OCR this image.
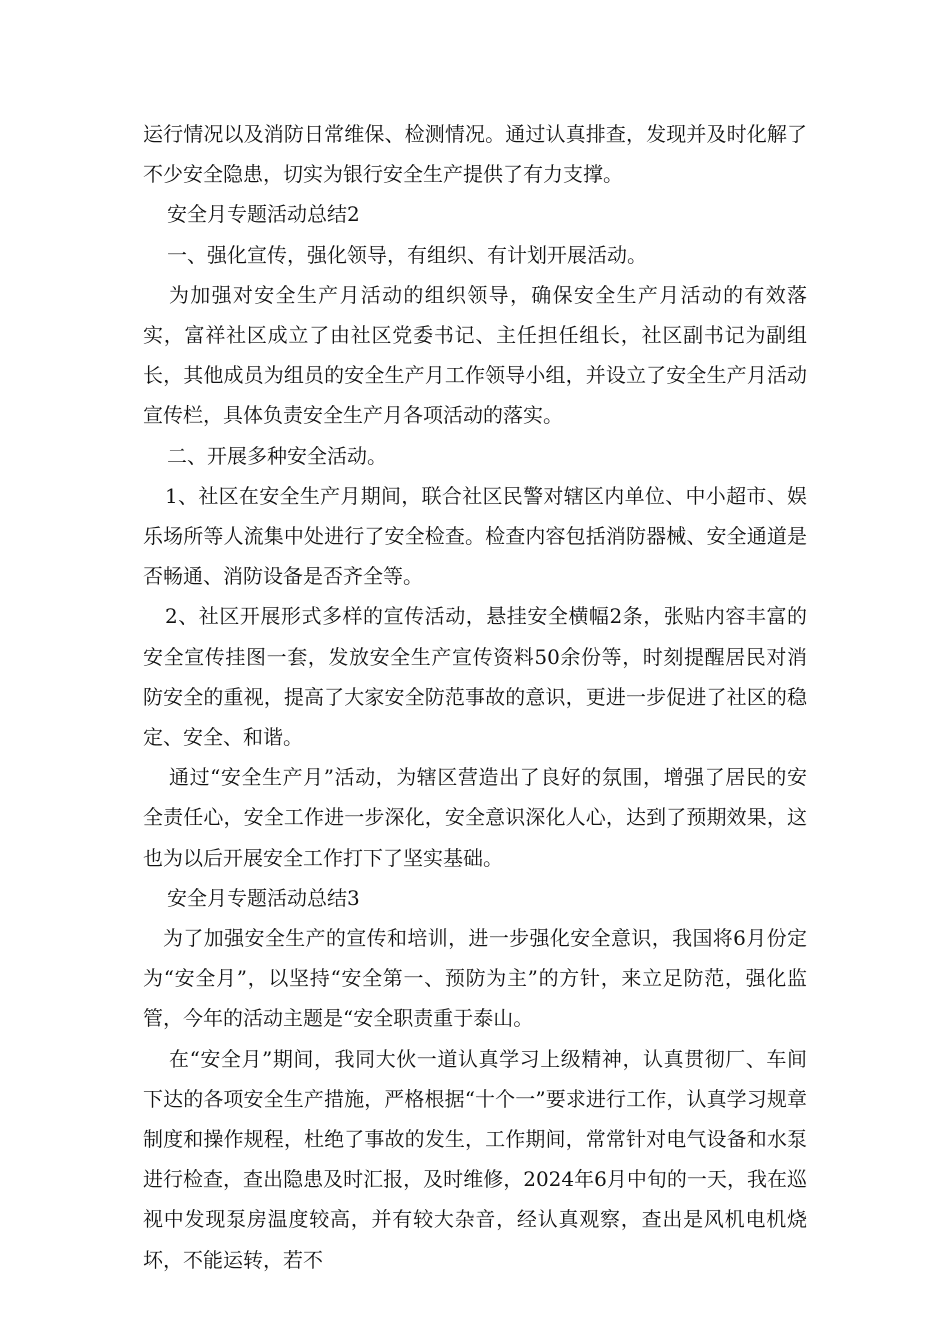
运行情况以及消防日常维保、检测情况。通过认真排查，发现并及时化解了不少安全隐患，切实为银行安全生产提供了有力支撑。

安全月专题活动总结2

一、强化宣传，强化领导，有组织、有计划开展活动。

为加强对安全生产月活动的组织领导，确保安全生产月活动的有效落实，富祥社区成立了由社区党委书记、主任担任组长，社区副书记为副组长，其他成员为组员的安全生产月工作领导小组，并设立了安全生产月活动宣传栏，具体负责安全生产月各项活动的落实。

二、开展多种安全活动。

1、社区在安全生产月期间，联合社区民警对辖区内单位、中小超市、娱乐场所等人流集中处进行了安全检查。检查内容包括消防器械、安全通道是否畅通、消防设备是否齐全等。

2、社区开展形式多样的宣传活动，悬挂安全横幅2条，张贴内容丰富的安全宣传挂图一套，发放安全生产宣传资料50余份等，时刻提醒居民对消防安全的重视，提高了大家安全防范事故的意识，更进一步促进了社区的稳定、安全、和谐。

通过“安全生产月”活动，为辖区营造出了良好的氛围，增强了居民的安全责任心，安全工作进一步深化，安全意识深化人心，达到了预期效果，这也为以后开展安全工作打下了坚实基础。

安全月专题活动总结3

为了加强安全生产的宣传和培训，进一步强化安全意识，我国将6月份定为“安全月”，以坚持“安全第一、预防为主”的方针，来立足防范，强化监管，今年的活动主题是“安全职责重于泰山。

在“安全月”期间，我同大伙一道认真学习上级精神，认真贯彻厂、车间下达的各项安全生产措施，严格根据“十个一”要求进行工作，认真学习规章制度和操作规程，杜绝了事故的发生，工作期间，常常针对电气设备和水泵进行检查，查出隐患及时汇报，及时维修，2024年6月中旬的一天，我在巡视中发现泵房温度较高，并有较大杂音，经认真观察，查出是风机电机烧坏，不能运转，若不
